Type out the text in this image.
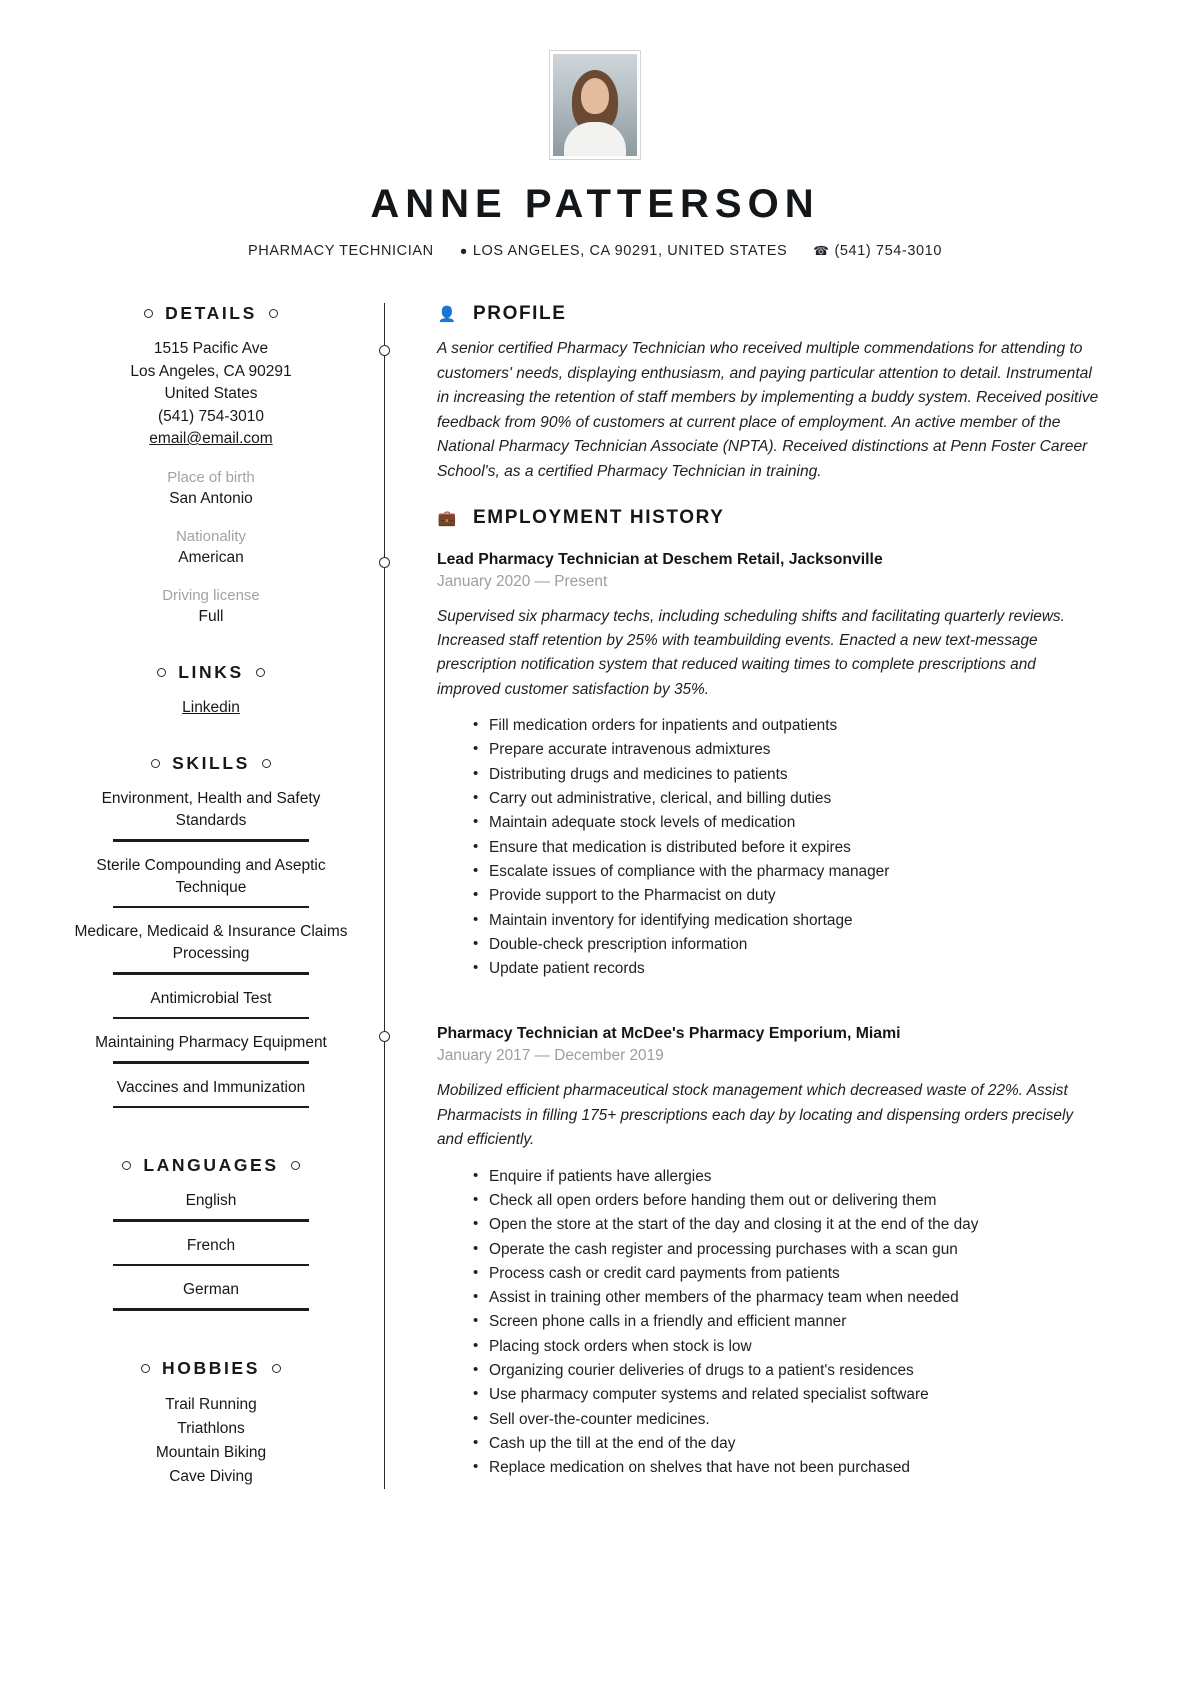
ANNE PATTERSON
PHARMACY TECHNICIAN ●️ LOS ANGELES, CA 90291, UNITED STATES ☎ (541) 754-3010
DETAILS
1515 Pacific Ave
Los Angeles, CA 90291
United States
(541) 754-3010
email@email.com
Place of birth
San Antonio
Nationality
American
Driving license
Full
LINKS
Linkedin
SKILLS
Environment, Health and Safety Standards
Sterile Compounding and Aseptic Technique
Medicare, Medicaid & Insurance Claims Processing
Antimicrobial Test
Maintaining Pharmacy Equipment
Vaccines and Immunization
LANGUAGES
English
French
German
HOBBIES
Trail Running
Triathlons
Mountain Biking
Cave Diving
👤 PROFILE

A senior certified Pharmacy Technician who received multiple commendations for attending to customers' needs, displaying enthusiasm, and paying particular attention to detail. Instrumental in increasing the retention of staff members by implementing a buddy system. Received positive feedback from 90% of customers at current place of employment. An active member of the National Pharmacy Technician Associate (NPTA). Received distinctions at Penn Foster Career School's, as a certified Pharmacy Technician in training.

💼 EMPLOYMENT HISTORY
Lead Pharmacy Technician at Deschem Retail, Jacksonville
January 2020 — Present
Supervised six pharmacy techs, including scheduling shifts and facilitating quarterly reviews. Increased staff retention by 25% with teambuilding events. Enacted a new text-message prescription notification system that reduced waiting times to complete prescriptions and improved customer satisfaction by 35%.
• Fill medication orders for inpatients and outpatients
• Prepare accurate intravenous admixtures
• Distributing drugs and medicines to patients
• Carry out administrative, clerical, and billing duties
• Maintain adequate stock levels of medication
• Ensure that medication is distributed before it expires
• Escalate issues of compliance with the pharmacy manager
• Provide support to the Pharmacist on duty
• Maintain inventory for identifying medication shortage
• Double-check prescription information
• Update patient records
Pharmacy Technician at McDee's Pharmacy Emporium, Miami
January 2017 — December 2019
Mobilized efficient pharmaceutical stock management which decreased waste of 22%. Assist Pharmacists in filling 175+ prescriptions each day by locating and dispensing orders precisely and efficiently.
• Enquire if patients have allergies
• Check all open orders before handing them out or delivering them
• Open the store at the start of the day and closing it at the end of the day
• Operate the cash register and processing purchases with a scan gun
• Process cash or credit card payments from patients
• Assist in training other members of the pharmacy team when needed
• Screen phone calls in a friendly and efficient manner
• Placing stock orders when stock is low
• Organizing courier deliveries of drugs to a patient's residences
• Use pharmacy computer systems and related specialist software
• Sell over-the-counter medicines.
• Cash up the till at the end of the day
• Replace medication on shelves that have not been purchased
